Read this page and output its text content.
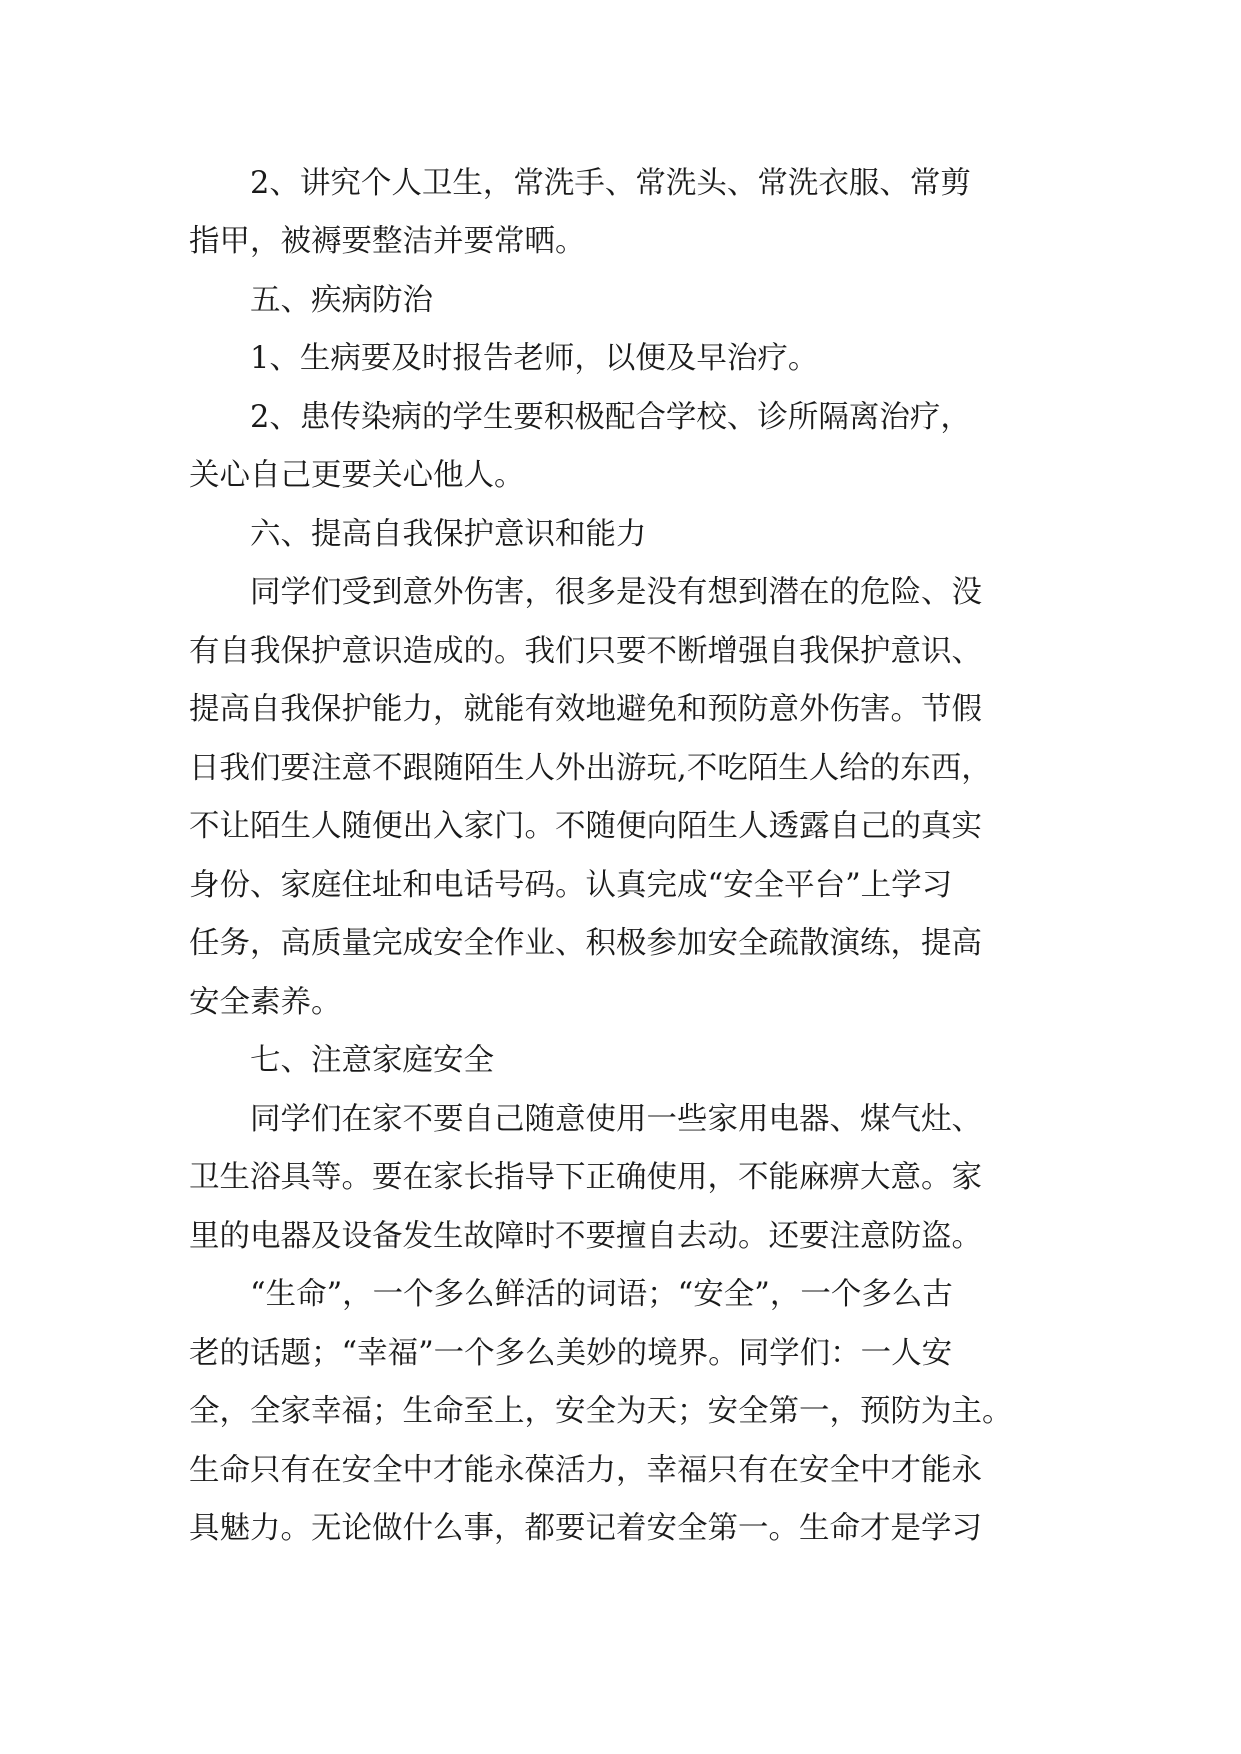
　　2、讲究个人卫生，常洗手、常洗头、常洗衣服、常剪

指甲，被褥要整洁并要常晒。

　　五、疾病防治

　　1、生病要及时报告老师，以便及早治疗。

　　2、患传染病的学生要积极配合学校、诊所隔离治疗，

关心自己更要关心他人。

　　六、提高自我保护意识和能力

　　同学们受到意外伤害，很多是没有想到潜在的危险、没

有自我保护意识造成的。我们只要不断增强自我保护意识、

提高自我保护能力，就能有效地避免和预防意外伤害。节假

日我们要注意不跟随陌生人外出游玩,不吃陌生人给的东西，

不让陌生人随便出入家门。不随便向陌生人透露自己的真实

身份、家庭住址和电话号码。认真完成“安全平台”上学习

任务，高质量完成安全作业、积极参加安全疏散演练，提高

安全素养。

　　七、注意家庭安全

　　同学们在家不要自己随意使用一些家用电器、煤气灶、

卫生浴具等。要在家长指导下正确使用，不能麻痹大意。家

里的电器及设备发生故障时不要擅自去动。还要注意防盗。

　　“生命”，一个多么鲜活的词语；“安全”，一个多么古

老的话题；“幸福”一个多么美妙的境界。同学们：一人安

全，全家幸福；生命至上，安全为天；安全第一，预防为主。

生命只有在安全中才能永葆活力，幸福只有在安全中才能永

具魅力。无论做什么事，都要记着安全第一。生命才是学习
